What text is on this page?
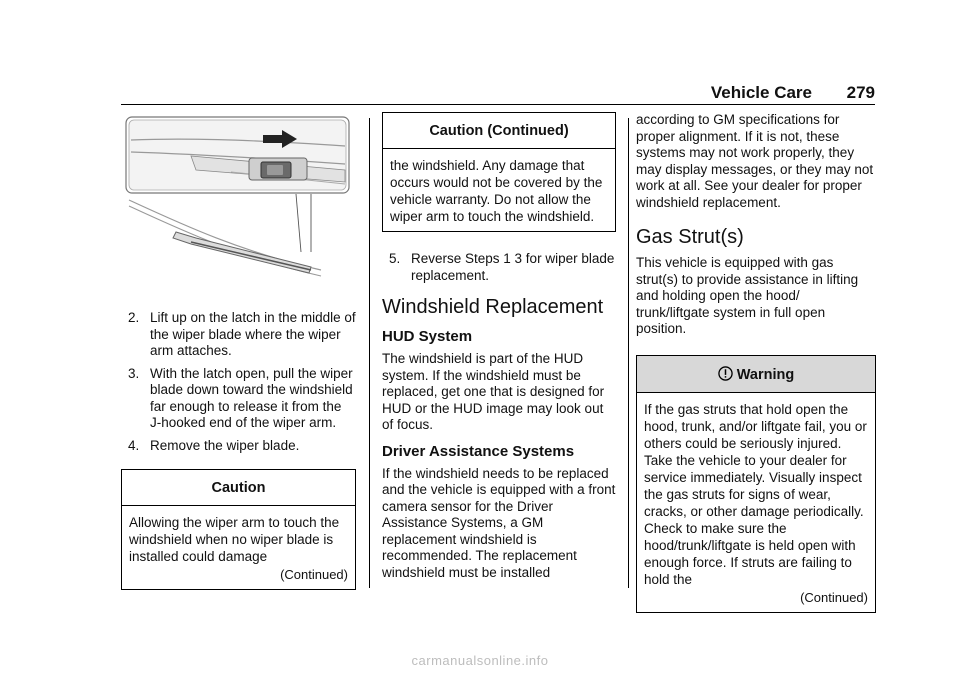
Vehicle Care 279
2. Lift up on the latch in the middle of the wiper blade where the wiper arm attaches.
3. With the latch open, pull the wiper blade down toward the windshield far enough to release it from the J-hooked end of the wiper arm.
4. Remove the wiper blade.
Caution
Allowing the wiper arm to touch the windshield when no wiper blade is installed could damage
(Continued)
Caution (Continued)
the windshield. Any damage that occurs would not be covered by the vehicle warranty. Do not allow the wiper arm to touch the windshield.
5. Reverse Steps 1 3 for wiper blade replacement.
Windshield Replacement
HUD System

The windshield is part of the HUD system. If the windshield must be replaced, get one that is designed for HUD or the HUD image may look out of focus.

Driver Assistance Systems

If the windshield needs to be replaced and the vehicle is equipped with a front camera sensor for the Driver Assistance Systems, a GM replacement windshield is recommended. The replacement windshield must be installed

according to GM specifications for proper alignment. If it is not, these systems may not work properly, they may display messages, or they may not work at all. See your dealer for proper windshield replacement.

Gas Strut(s)

This vehicle is equipped with gas strut(s) to provide assistance in lifting and holding open the hood/ trunk/liftgate system in full open position.

Warning
If the gas struts that hold open the hood, trunk, and/or liftgate fail, you or others could be seriously injured. Take the vehicle to your dealer for service immediately. Visually inspect the gas struts for signs of wear, cracks, or other damage periodically. Check to make sure the hood/trunk/liftgate is held open with enough force. If struts are failing to hold the
(Continued)
carmanualsonline.info
